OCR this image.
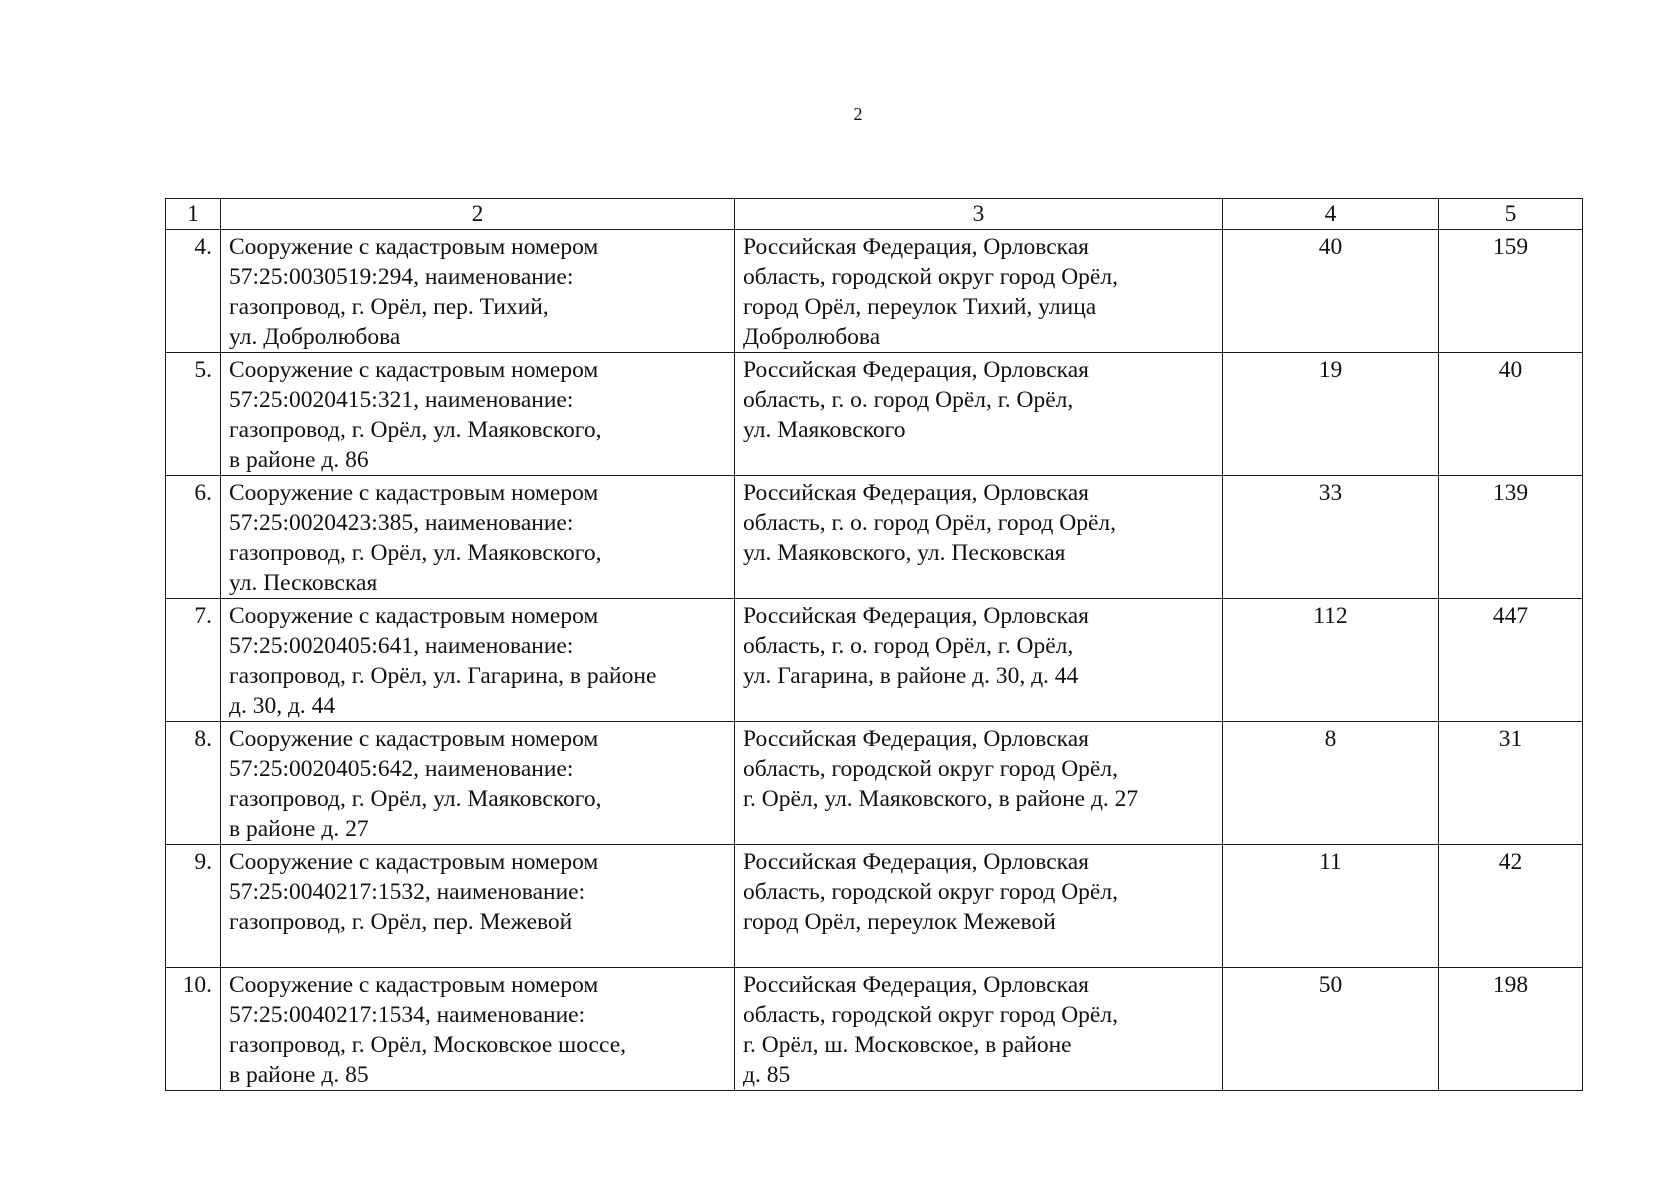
2
1	2	3	4	5
4.	Сооружение с кадастровым номером
57:25:0030519:294, наименование:
газопровод, г. Орёл, пер. Тихий,
ул. Добролюбова	Российская Федерация, Орловская
область, городской округ город Орёл,
город Орёл, переулок Тихий, улица
Добролюбова	40	159
5.	Сооружение с кадастровым номером
57:25:0020415:321, наименование:
газопровод, г. Орёл, ул. Маяковского,
в районе д. 86	Российская Федерация, Орловская
область, г. о. город Орёл, г. Орёл,
ул. Маяковского	19	40
6.	Сооружение с кадастровым номером
57:25:0020423:385, наименование:
газопровод, г. Орёл, ул. Маяковского,
ул. Песковская	Российская Федерация, Орловская
область, г. о. город Орёл, город Орёл,
ул. Маяковского, ул. Песковская	33	139
7.	Сооружение с кадастровым номером
57:25:0020405:641, наименование:
газопровод, г. Орёл, ул. Гагарина, в районе
д. 30, д. 44	Российская Федерация, Орловская
область, г. о. город Орёл, г. Орёл,
ул. Гагарина, в районе д. 30, д. 44	112	447
8.	Сооружение с кадастровым номером
57:25:0020405:642, наименование:
газопровод, г. Орёл, ул. Маяковского,
в районе д. 27	Российская Федерация, Орловская
область, городской округ город Орёл,
г. Орёл, ул. Маяковского, в районе д. 27	8	31
9.	Сооружение с кадастровым номером
57:25:0040217:1532, наименование:
газопровод, г. Орёл, пер. Межевой	Российская Федерация, Орловская
область, городской округ город Орёл,
город Орёл, переулок Межевой	11	42
10.	Сооружение с кадастровым номером
57:25:0040217:1534, наименование:
газопровод, г. Орёл, Московское шоссе,
в районе д. 85	Российская Федерация, Орловская
область, городской округ город Орёл,
г. Орёл, ш. Московское, в районе
д. 85	50	198
